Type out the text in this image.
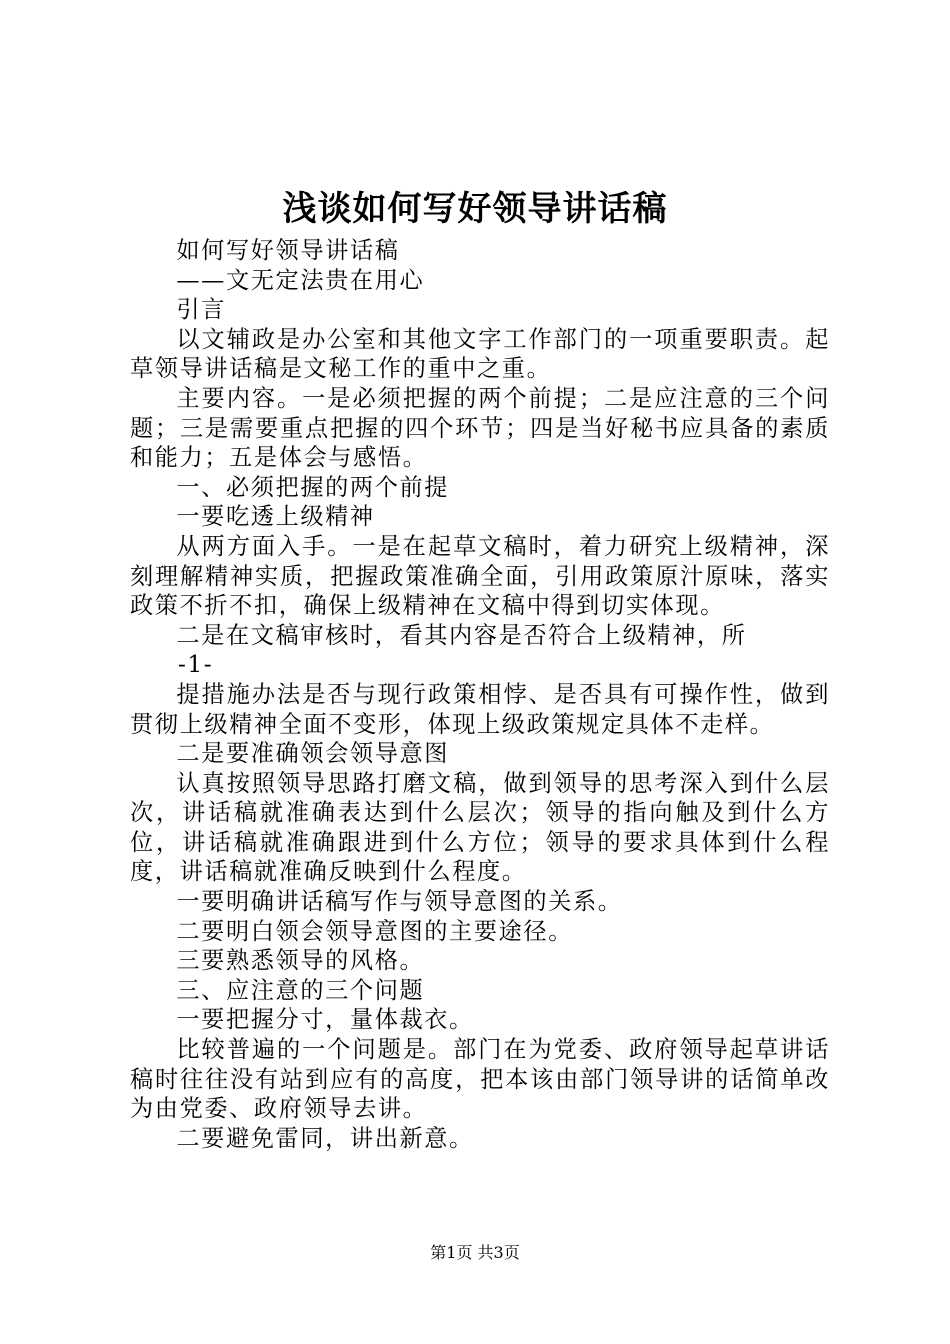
浅谈如何写好领导讲话稿

如何写好领导讲话稿

——文无定法贵在用心

引言

以文辅政是办公室和其他文字工作部门的一项重要职责。起草领导讲话稿是文秘工作的重中之重。

主要内容。一是必须把握的两个前提；二是应注意的三个问题；三是需要重点把握的四个环节；四是当好秘书应具备的素质和能力；五是体会与感悟。

一、必须把握的两个前提

一要吃透上级精神

从两方面入手。一是在起草文稿时，着力研究上级精神，深刻理解精神实质，把握政策准确全面，引用政策原汁原味，落实政策不折不扣，确保上级精神在文稿中得到切实体现。

二是在文稿审核时，看其内容是否符合上级精神，所

-1-

提措施办法是否与现行政策相悖、是否具有可操作性，做到贯彻上级精神全面不变形，体现上级政策规定具体不走样。

二是要准确领会领导意图

认真按照领导思路打磨文稿，做到领导的思考深入到什么层次，讲话稿就准确表达到什么层次；领导的指向触及到什么方位，讲话稿就准确跟进到什么方位；领导的要求具体到什么程度，讲话稿就准确反映到什么程度。

一要明确讲话稿写作与领导意图的关系。

二要明白领会领导意图的主要途径。

三要熟悉领导的风格。

三、应注意的三个问题

一要把握分寸，量体裁衣。

比较普遍的一个问题是。部门在为党委、政府领导起草讲话稿时往往没有站到应有的高度，把本该由部门领导讲的话简单改为由党委、政府领导去讲。

二要避免雷同，讲出新意。

第1页 共3页
